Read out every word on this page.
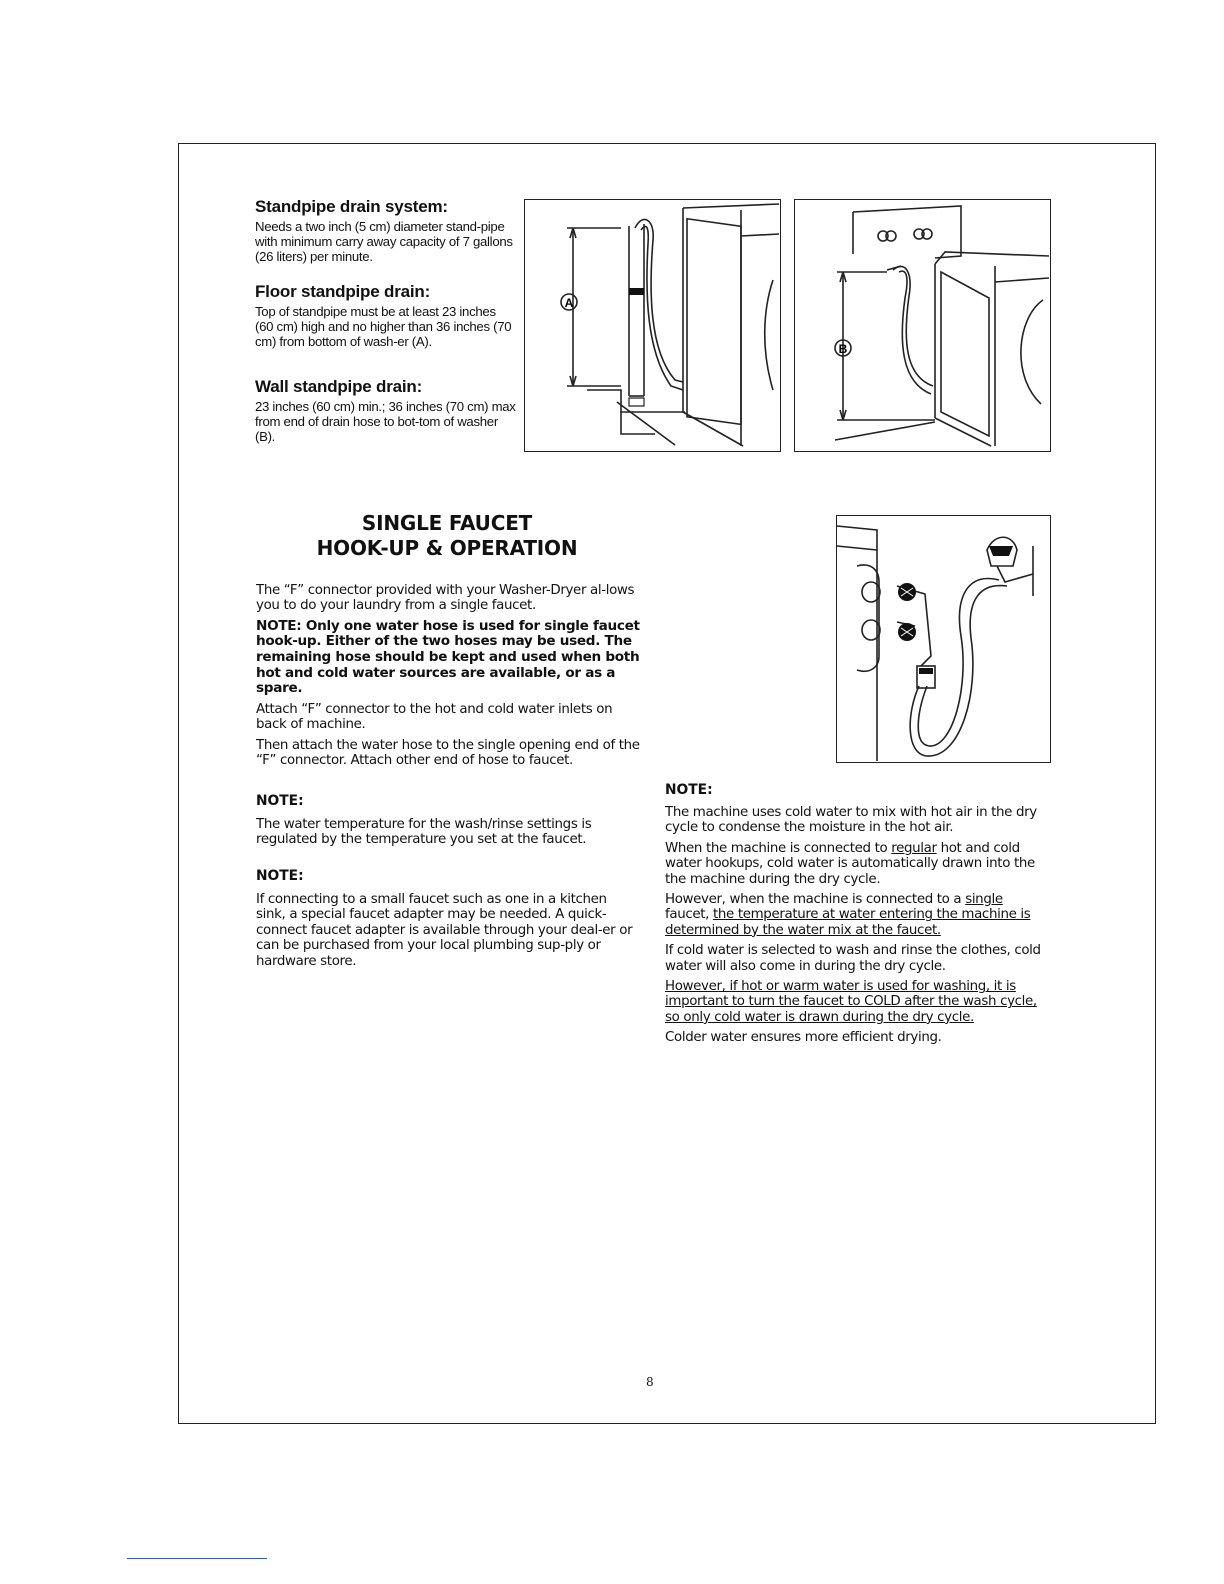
Standpipe drain system:

Needs a two inch (5 cm) diameter stand-pipe with minimum carry away capacity of 7 gallons (26 liters) per minute.

Floor standpipe drain:

Top of standpipe must be at least 23 inches (60 cm) high and no higher than 36 inches (70 cm) from bottom of wash-er (A).

Wall standpipe drain:

23 inches (60 cm) min.; 36 inches (70 cm) max from end of drain hose to bot-tom of washer (B).

A
B

SINGLE FAUCET

HOOK-UP & OPERATION

The “F” connector provided with your Washer-Dryer al-lows you to do your laundry from a single faucet.

NOTE: Only one water hose is used for single faucet hook-up. Either of the two hoses may be used. The remaining hose should be kept and used when both hot and cold water sources are available, or as a spare.

Attach “F” connector to the hot and cold water inlets on back of machine.

Then attach the water hose to the single opening end of the “F” connector. Attach other end of hose to faucet.

NOTE:

The water temperature for the wash/rinse settings is regulated by the temperature you set at the faucet.

NOTE:

If connecting to a small faucet such as one in a kitchen sink, a special faucet adapter may be needed. A quick-connect faucet adapter is available through your deal-er or can be purchased from your local plumbing sup-ply or hardware store.

NOTE:

The machine uses cold water to mix with hot air in the dry cycle to condense the moisture in the hot air.

When the machine is connected to regular hot and cold water hookups, cold water is automatically drawn into the the machine during the dry cycle.

However, when the machine is connected to a single faucet, the temperature at water entering the machine is determined by the water mix at the faucet.

If cold water is selected to wash and rinse the clothes, cold water will also come in during the dry cycle.

However, if hot or warm water is used for washing, it is important to turn the faucet to COLD after the wash cycle, so only cold water is drawn during the dry cycle.

Colder water ensures more efficient drying.

8
